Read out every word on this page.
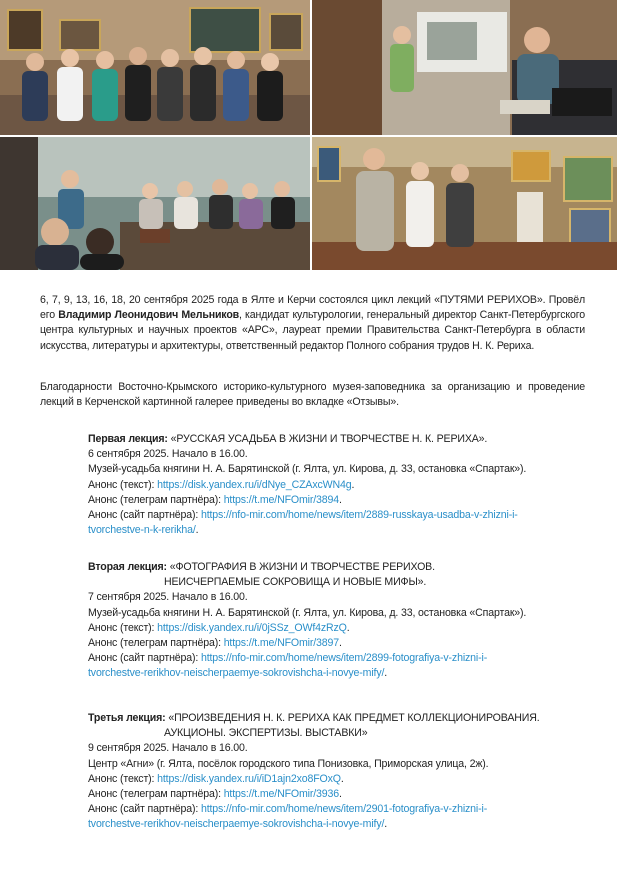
6, 7, 9, 13, 16, 18, 20 сентября 2025 года в Ялте и Керчи состоялся цикл лекций «ПУТЯМИ РЕРИХОВ». Провёл его Владимир Леонидович Мельников, кандидат культурологии, генеральный директор Санкт-Петербургского центра культурных и научных проектов «АРС», лауреат премии Правительства Санкт-Петербурга в области искусства, литературы и архитектуры, ответственный редактор Полного собрания трудов Н. К. Рериха.

Благодарности Восточно-Крымского историко-культурного музея-заповедника за организацию и проведение лекций в Керченской картинной галерее приведены во вкладке «Отзывы».

Первая лекция: «РУССКАЯ УСАДЬБА В ЖИЗНИ И ТВОРЧЕСТВЕ Н. К. РЕРИХА».
6 сентября 2025. Начало в 16.00.
Музей-усадьба княгини Н. А. Барятинской (г. Ялта, ул. Кирова, д. 33, остановка «Спартак»).
Анонс (текст): https://disk.yandex.ru/i/dNye_CZAxcWN4g.
Анонс (телеграм партнёра): https://t.me/NFOmir/3894.
Анонс (сайт партнёра): https://nfo-mir.com/home/news/item/2889-russkaya-usadba-v-zhizni-i-
tvorchestve-n-k-rerikha/.
Вторая лекция: «ФОТОГРАФИЯ В ЖИЗНИ И ТВОРЧЕСТВЕ РЕРИХОВ.
НЕИСЧЕРПАЕМЫЕ СОКРОВИЩА И НОВЫЕ МИФЫ».
7 сентября 2025. Начало в 16.00.
Музей-усадьба княгини Н. А. Барятинской (г. Ялта, ул. Кирова, д. 33, остановка «Спартак»).
Анонс (текст): https://disk.yandex.ru/i/0jSSz_OWf4zRzQ.
Анонс (телеграм партнёра): https://t.me/NFOmir/3897.
Анонс (сайт партнёра): https://nfo-mir.com/home/news/item/2899-fotografiya-v-zhizni-i-
tvorchestve-rerikhov-neischerpaemye-sokrovishcha-i-novye-mify/.
Третья лекция: «ПРОИЗВЕДЕНИЯ Н. К. РЕРИХА КАК ПРЕДМЕТ КОЛЛЕКЦИОНИРОВАНИЯ.
АУКЦИОНЫ. ЭКСПЕРТИЗЫ. ВЫСТАВКИ»
9 сентября 2025. Начало в 16.00.
Центр «Агни» (г. Ялта, посёлок городского типа Понизовка, Приморская улица, 2ж).
Анонс (текст): https://disk.yandex.ru/i/iD1ajn2xo8FOxQ.
Анонс (телеграм партнёра): https://t.me/NFOmir/3936.
Анонс (сайт партнёра): https://nfo-mir.com/home/news/item/2901-fotografiya-v-zhizni-i-
tvorchestve-rerikhov-neischerpaemye-sokrovishcha-i-novye-mify/.
